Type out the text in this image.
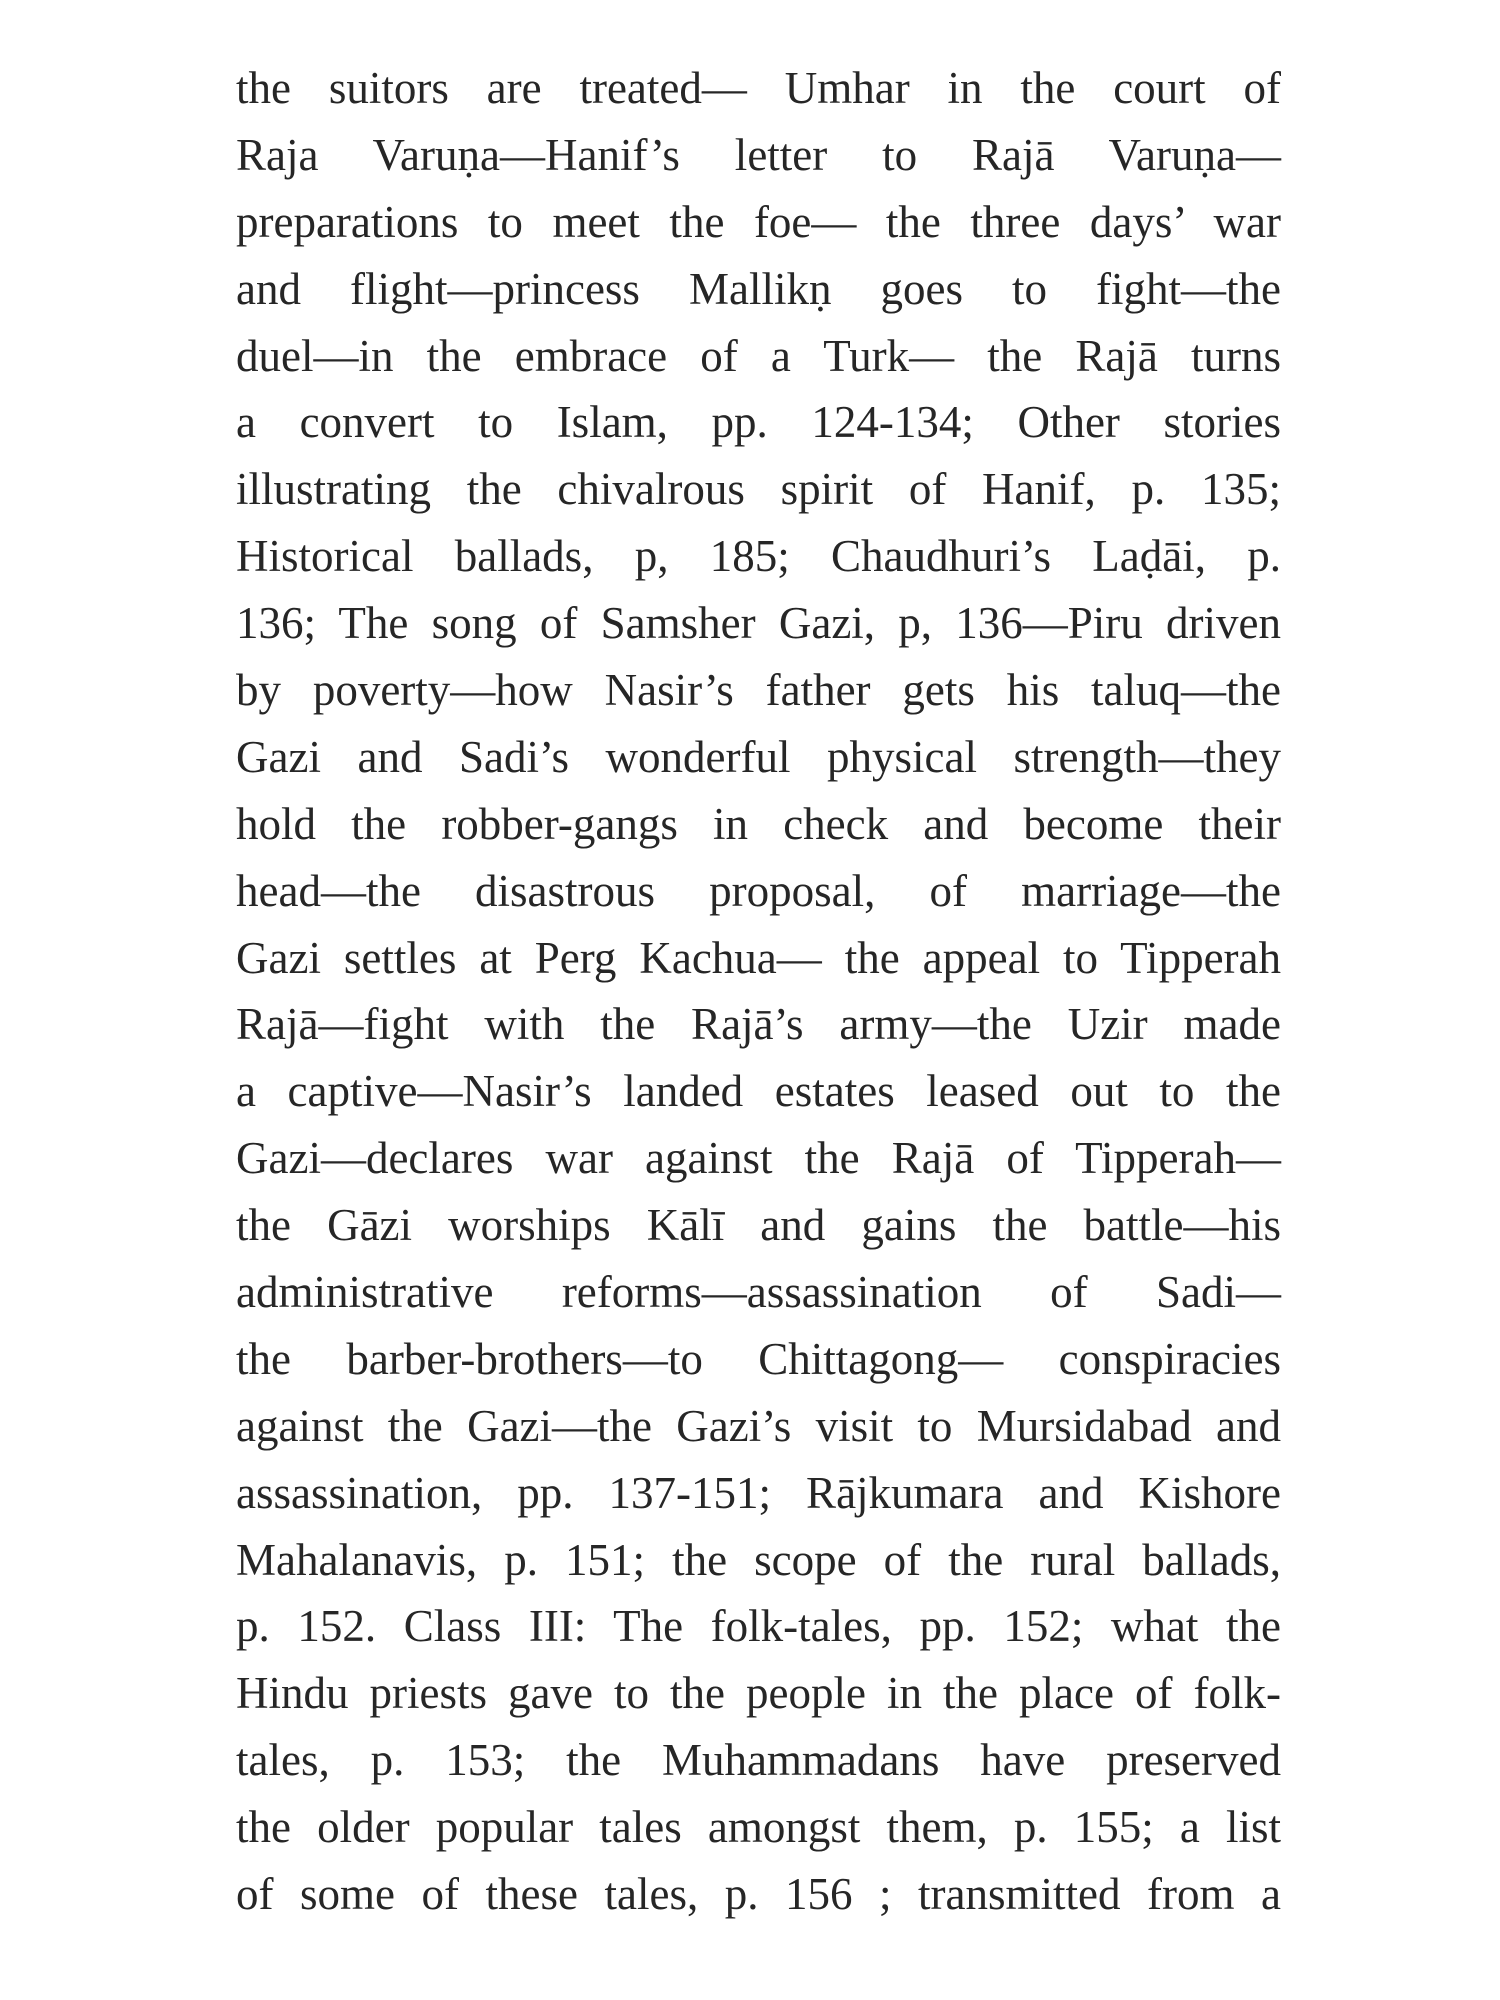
the suitors are treated— Umhar in the court of
Raja Varuṇa—Hanif’s letter to Rajā Varuṇa—
preparations to meet the foe— the three days’ war
and flight—princess Mallikṇ goes to fight—the
duel—in the embrace of a Turk— the Rajā turns
a convert to Islam, pp. 124-134; Other stories
illustrating the chivalrous spirit of Hanif, p. 135;
Historical ballads, p, 185; Chaudhuri’s Laḍāi, p.
136; The song of Samsher Gazi, p, 136—Piru driven
by poverty—how Nasir’s father gets his taluq—the
Gazi and Sadi’s wonderful physical strength—they
hold the robber-gangs in check and become their
head—the disastrous proposal, of marriage—the
Gazi settles at Perg Kachua— the appeal to Tipperah
Rajā—fight with the Rajā’s army—the Uzir made
a captive—Nasir’s landed estates leased out to the
Gazi—declares war against the Rajā of Tipperah—
the Gāzi worships Kālī and gains the battle—his
administrative reforms—assassination of Sadi—
the barber-brothers—to Chittagong— conspiracies
against the Gazi—the Gazi’s visit to Mursidabad and
assassination, pp. 137-151; Rājkumara and Kishore
Mahalanavis, p. 151; the scope of the rural ballads,
p. 152. Class III: The folk-tales, pp. 152; what the
Hindu priests gave to the people in the place of folk-
tales, p. 153; the Muhammadans have preserved
the older popular tales amongst them, p. 155; a list
of some of these tales, p. 156 ; transmitted from a
